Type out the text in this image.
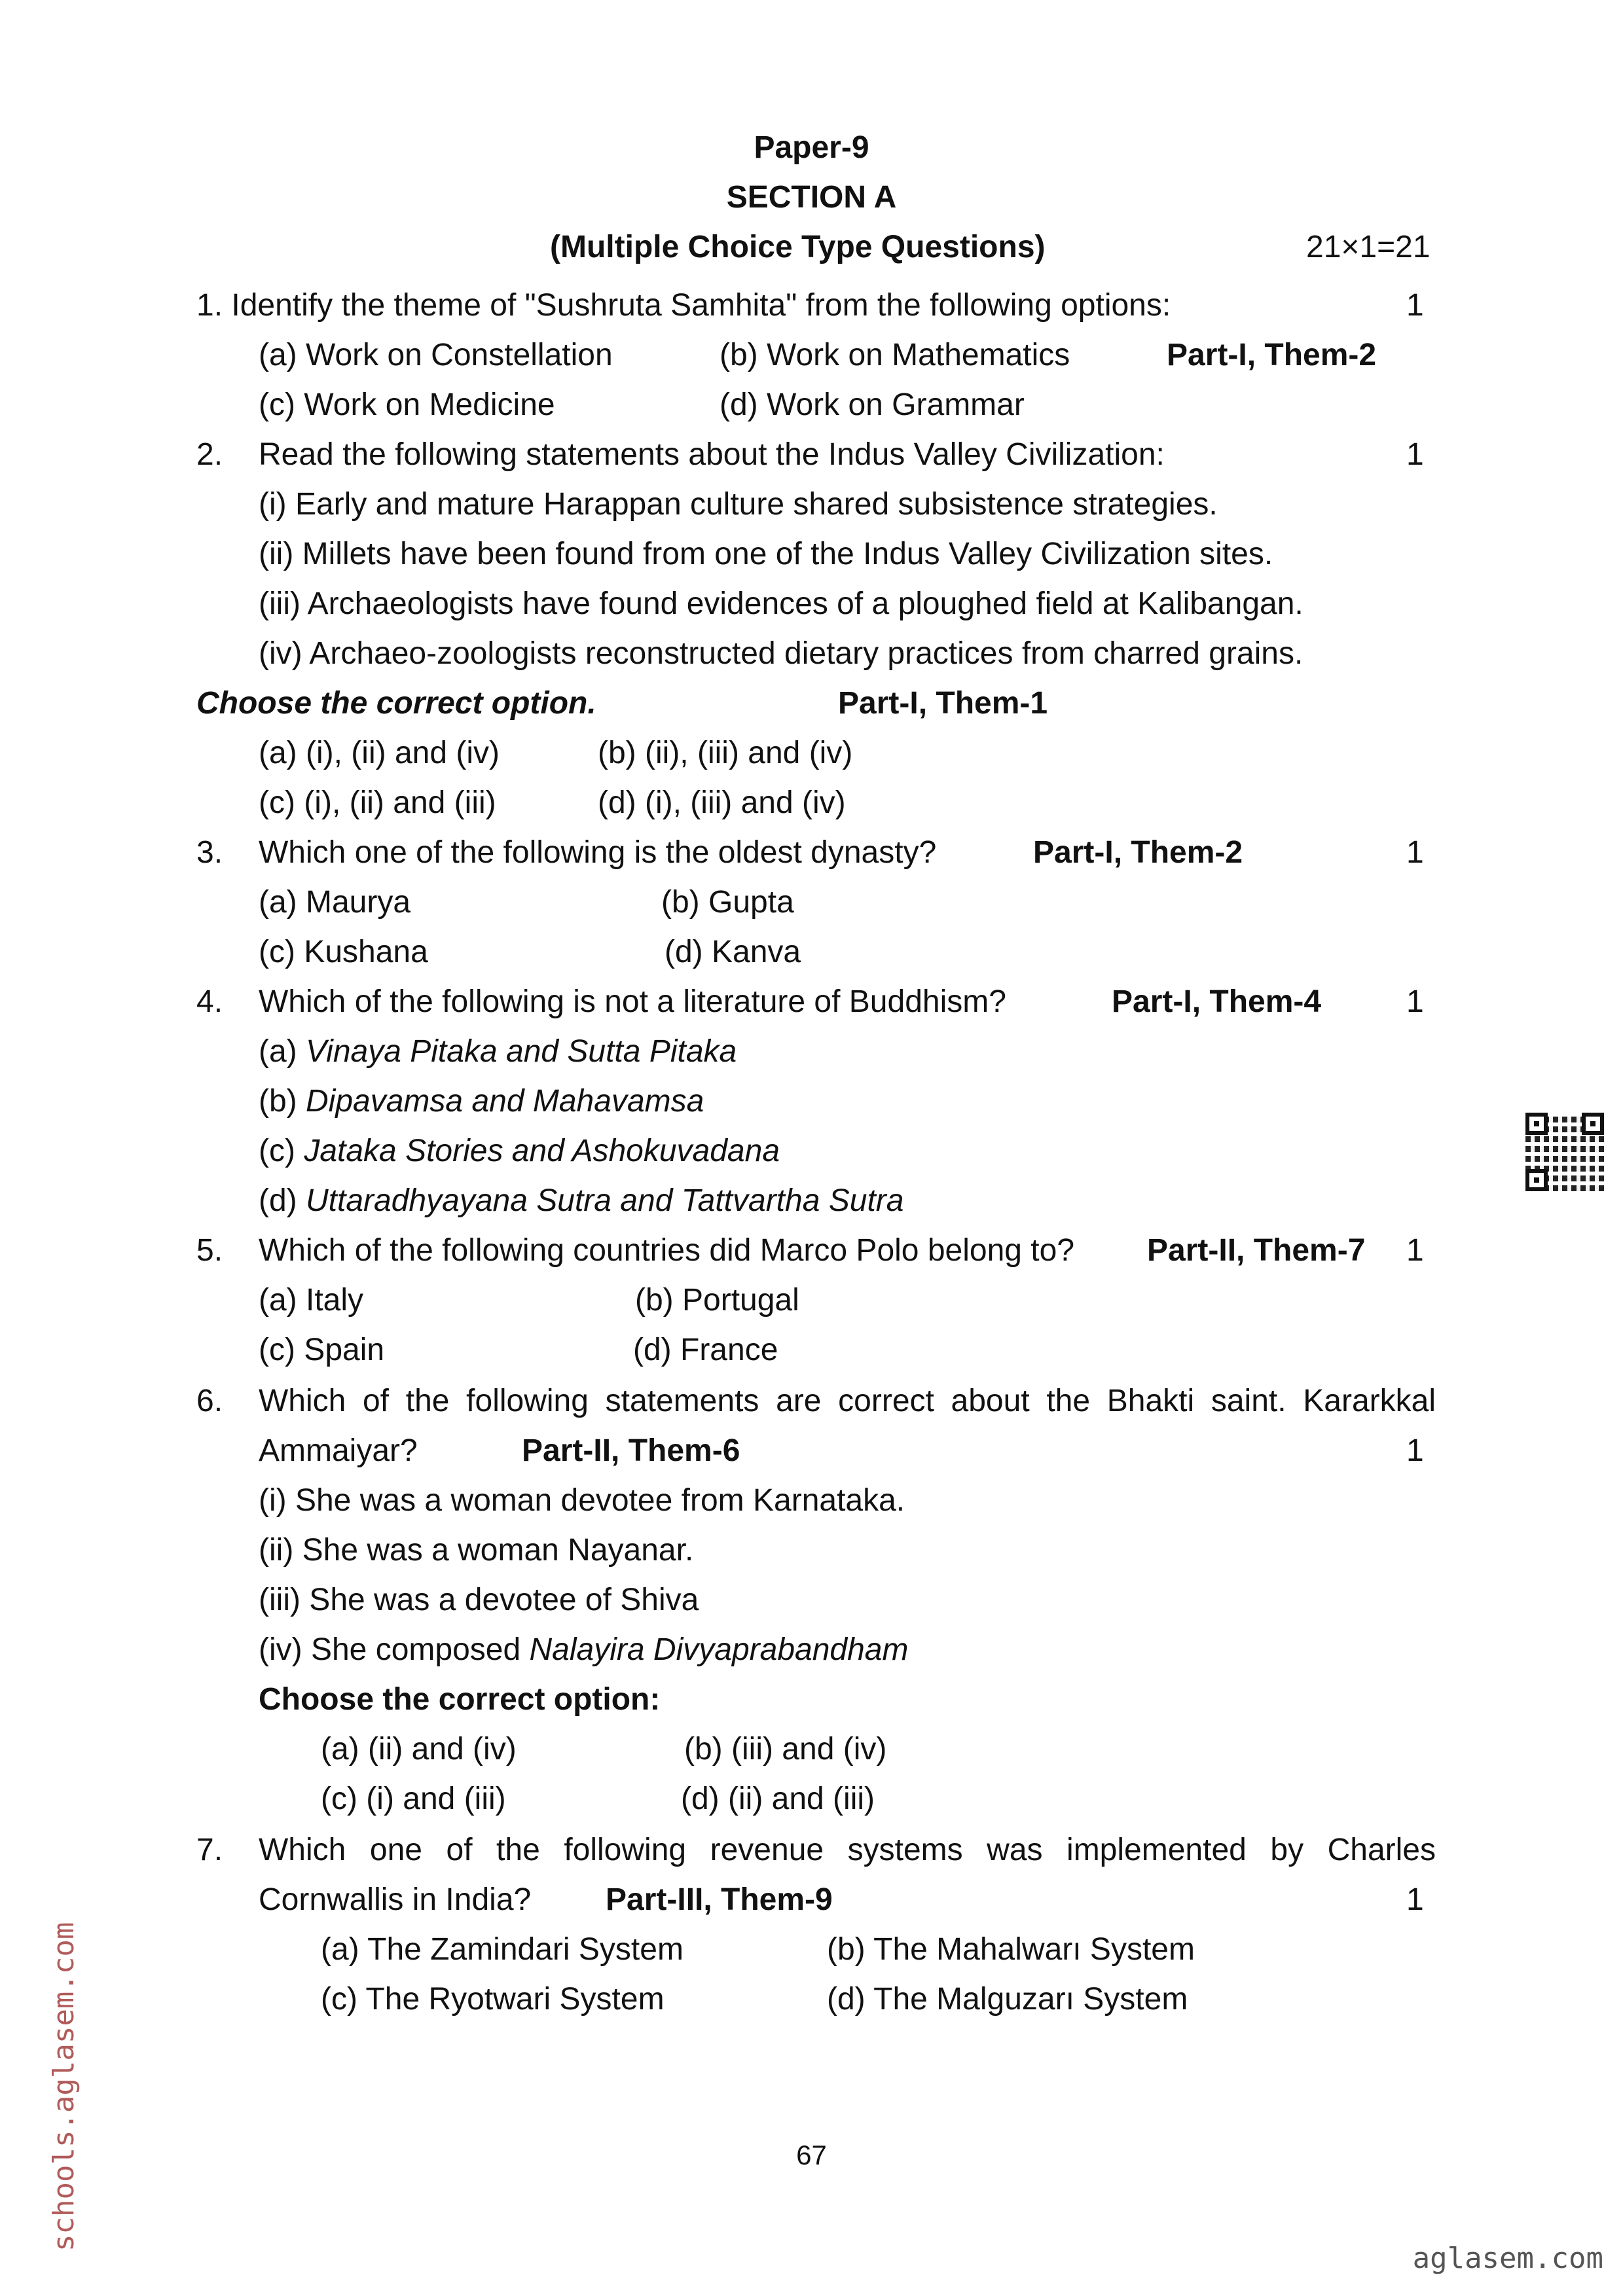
Paper-9
SECTION A
(Multiple Choice Type Questions)	21×1=21
1. Identify the theme of "Sushruta Samhita" from the following options:	1
(a) Work on Constellation	(b) Work on Mathematics	Part-I, Them-2
(c) Work on Medicine	(d) Work on Grammar
2. Read the following statements about the Indus Valley Civilization:	1
(i) Early and mature Harappan culture shared subsistence strategies.
(ii) Millets have been found from one of the Indus Valley Civilization sites.
(iii) Archaeologists have found evidences of a ploughed field at Kalibangan.
(iv) Archaeo-zoologists reconstructed dietary practices from charred grains.
Choose the correct option.	Part-I, Them-1
(a) (i), (ii) and (iv)	(b) (ii), (iii) and (iv)
(c) (i), (ii) and (iii)	(d) (i), (iii) and (iv)
3. Which one of the following is the oldest dynasty?	Part-I, Them-2	1
(a) Maurya	(b) Gupta
(c) Kushana	(d) Kanva
4. Which of the following is not a literature of Buddhism?	Part-I, Them-4	1
(a) Vinaya Pitaka and Sutta Pitaka
(b) Dipavamsa and Mahavamsa
(c) Jataka Stories and Ashokuvadana
(d) Uttaradhyayana Sutra and Tattvartha Sutra
5. Which of the following countries did Marco Polo belong to? Part-II, Them-7 1
(a) Italy	(b) Portugal
(c) Spain	(d) France
6. Which of the following statements are correct about the Bhakti saint. Kararkkal
Ammaiyar?	Part-II, Them-6	1
(i) She was a woman devotee from Karnataka.
(ii) She was a woman Nayanar.
(iii) She was a devotee of Shiva
(iv) She composed Nalayira Divyaprabandham
Choose the correct option:
(a) (ii) and (iv)	(b) (iii) and (iv)
(c) (i) and (iii)	(d) (ii) and (iii)
7. Which one of the following revenue systems was implemented by Charles
Cornwallis in India? Part-III, Them-9	1
(a) The Zamindari System	(b) The Mahalwarı System
(c) The Ryotwari System	(d) The Malguzarı System
67
schools.aglasem.com
aglasem.com
